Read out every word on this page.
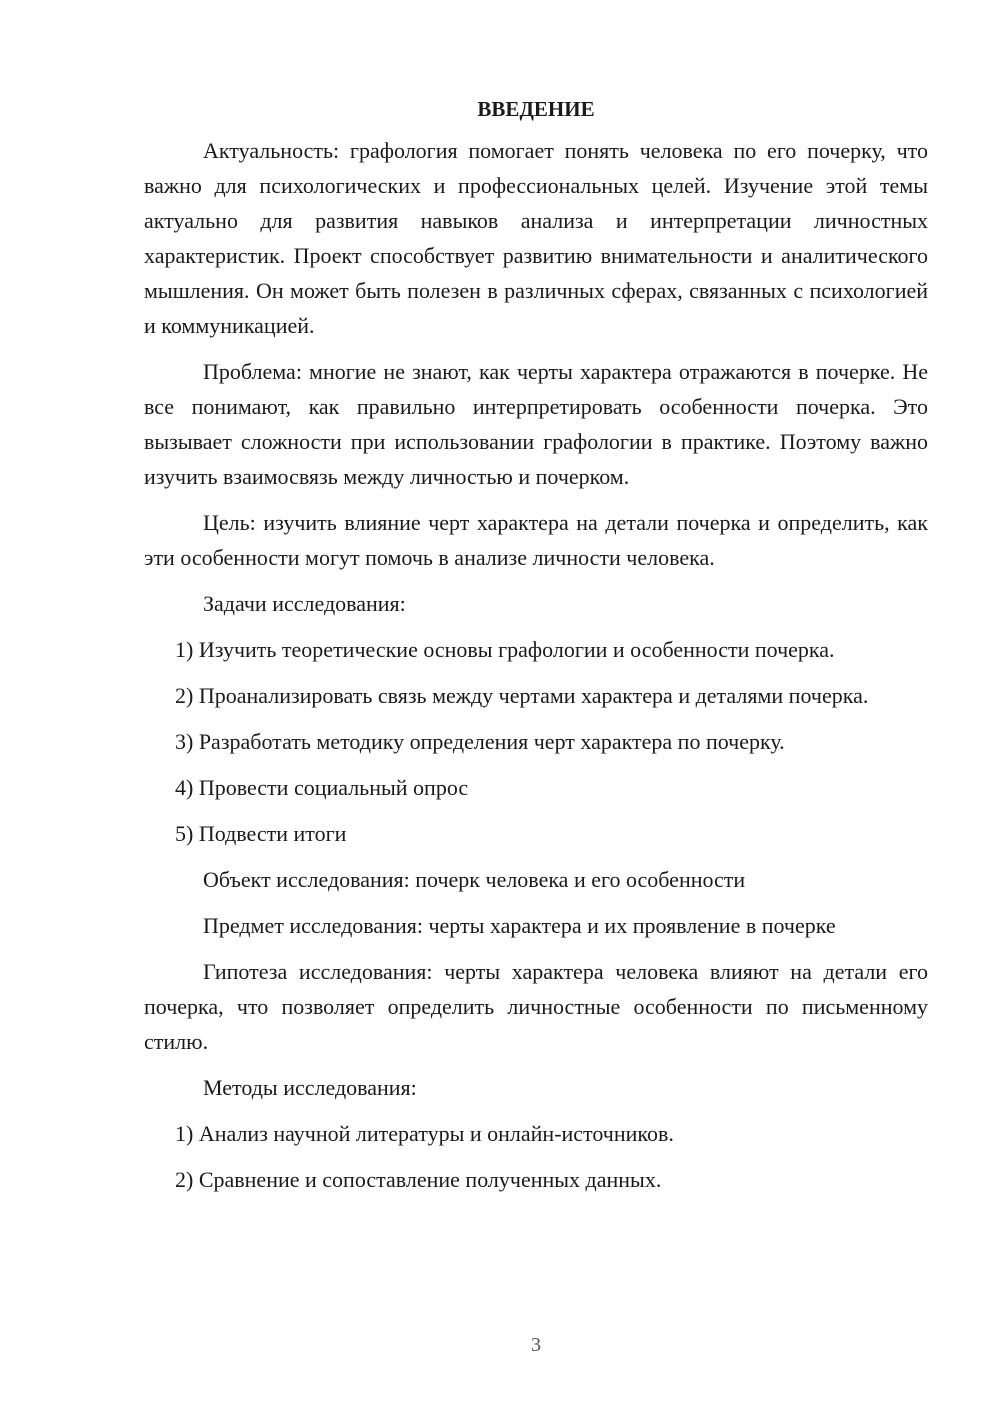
ВВЕДЕНИЕ

Актуальность: графология помогает понять человека по его почерку, что важно для психологических и профессиональных целей. Изучение этой темы актуально для развития навыков анализа и интерпретации личностных характеристик. Проект способствует развитию внимательности и аналитического мышления. Он может быть полезен в различных сферах, связанных с психологией и коммуникацией.

Проблема: многие не знают, как черты характера отражаются в почерке. Не все понимают, как правильно интерпретировать особенности почерка. Это вызывает сложности при использовании графологии в практике. Поэтому важно изучить взаимосвязь между личностью и почерком.

Цель: изучить влияние черт характера на детали почерка и определить, как эти особенности могут помочь в анализе личности человека.

Задачи исследования:

1) Изучить теоретические основы графологии и особенности почерка.

2) Проанализировать связь между чертами характера и деталями почерка.

3) Разработать методику определения черт характера по почерку.

4) Провести социальный опрос

5) Подвести итоги

Объект исследования: почерк человека и его особенности

Предмет исследования: черты характера и их проявление в почерке

Гипотеза исследования: черты характера человека влияют на детали его почерка, что позволяет определить личностные особенности по письменному стилю.

Методы исследования:

1) Анализ научной литературы и онлайн-источников.

2) Сравнение и сопоставление полученных данных.

3
